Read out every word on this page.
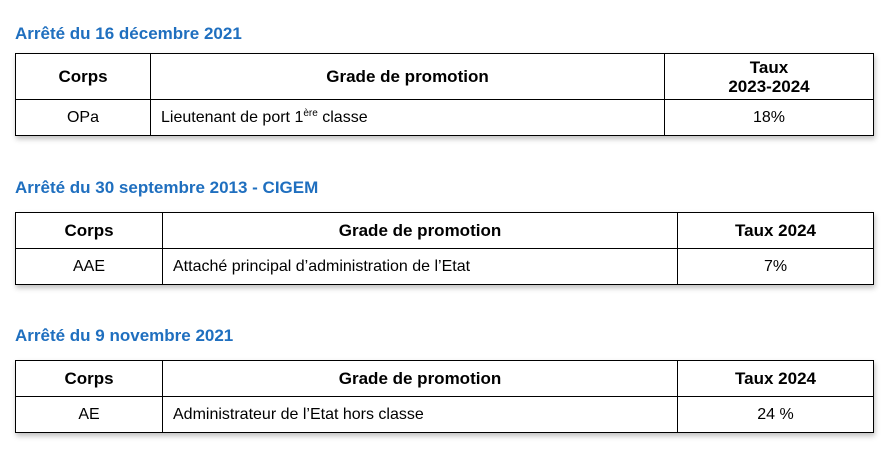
Arrêté du 16 décembre 2021
Corps	Grade de promotion	Taux
2023-2024

OPa	Lieutenant de port 1ère classe	18%
Arrêté du 30 septembre 2013 - CIGEM
Corps	Grade de promotion	Taux 2024
AAE	Attaché principal d’administration de l’Etat	7%
Arrêté du 9 novembre 2021
Corps	Grade de promotion	Taux 2024
AE	Administrateur de l’Etat hors classe	24 %
